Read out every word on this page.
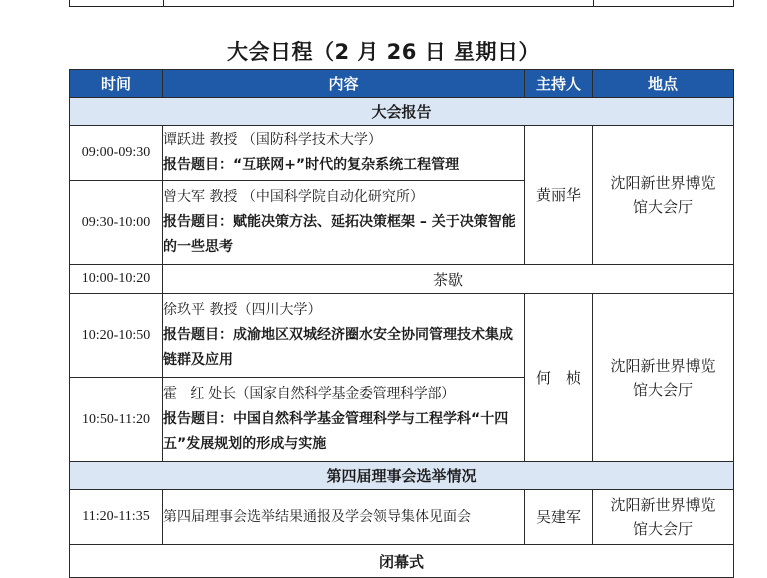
大会日程（2 月 26 日 星期日）
时间	内容	主持人	地点
大会报告			
09:00-09:30	谭跃进 教授 （国防科学技术大学）
报告题目：“互联网+”时代的复杂系统工程管理	黄丽华	沈阳新世界博览馆大会厅

09:30-10:00	曾大军 教授 （中国科学院自动化研究所）
报告题目：赋能决策方法、延拓决策框架 – 关于决策智能的一些思考		

10:00-10:20	茶歇		
10:20-10:50	徐玖平 教授（四川大学）
报告题目：成渝地区双城经济圈水安全协同管理技术集成链群及应用	何　桢	沈阳新世界博览馆大会厅

10:50-11:20	霍　红 处长（国家自然科学基金委管理科学部）
报告题目：中国自然科学基金管理科学与工程学科“十四五”发展规划的形成与实施		

第四届理事会选举情况			
11:20-11:35	第四届理事会选举结果通报及学会领导集体见面会	吴建军	沈阳新世界博览馆大会厅

闭幕式			
